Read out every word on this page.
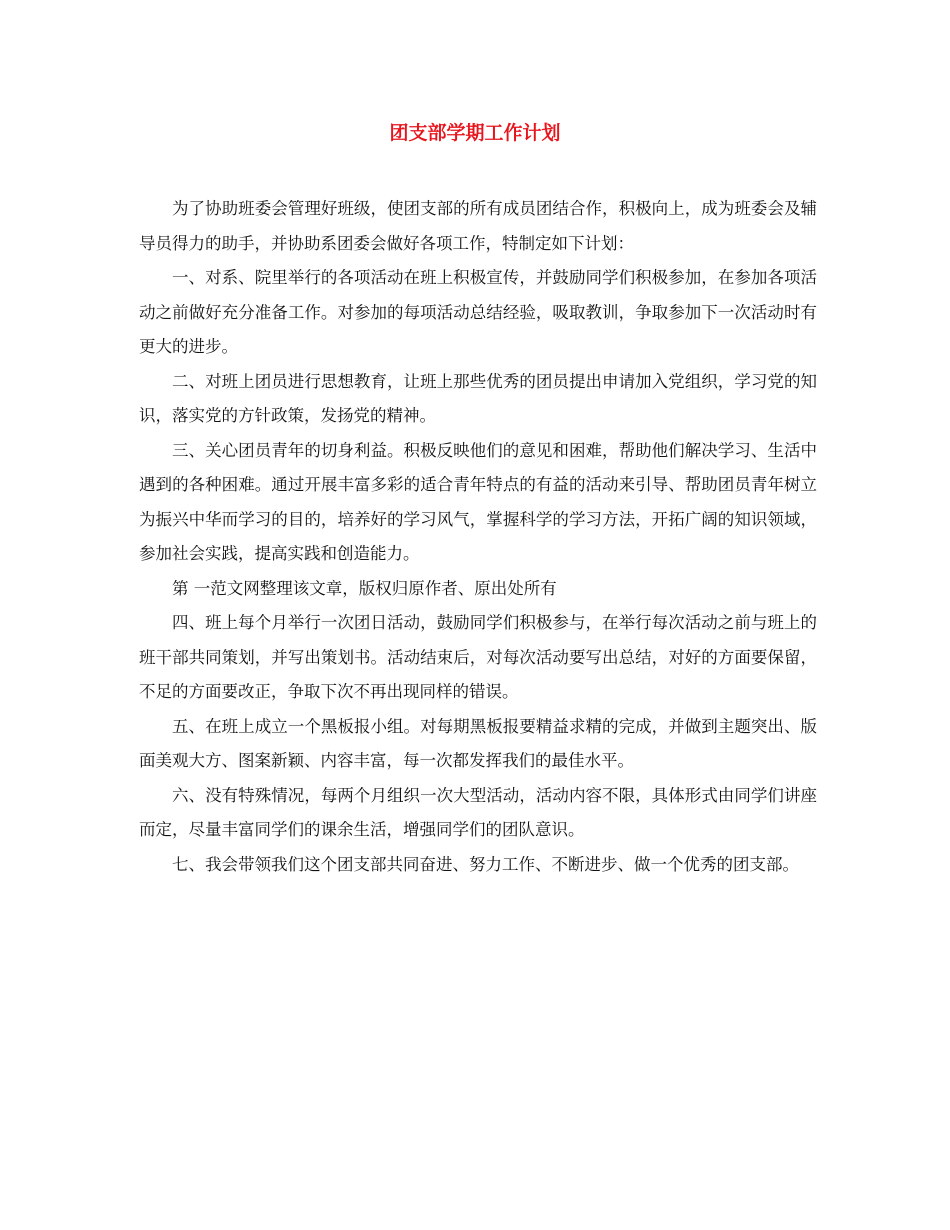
团支部学期工作计划

为了协助班委会管理好班级，使团支部的所有成员团结合作，积极向上，成为班委会及辅导员得力的助手，并协助系团委会做好各项工作，特制定如下计划：

一、对系、院里举行的各项活动在班上积极宣传，并鼓励同学们积极参加，在参加各项活动之前做好充分准备工作。对参加的每项活动总结经验，吸取教训，争取参加下一次活动时有更大的进步。

二、对班上团员进行思想教育，让班上那些优秀的团员提出申请加入党组织，学习党的知识，落实党的方针政策，发扬党的精神。

三、关心团员青年的切身利益。积极反映他们的意见和困难，帮助他们解决学习、生活中遇到的各种困难。通过开展丰富多彩的适合青年特点的有益的活动来引导、帮助团员青年树立为振兴中华而学习的目的，培养好的学习风气，掌握科学的学习方法，开拓广阔的知识领域，参加社会实践，提高实践和创造能力。

第 一范文网整理该文章，版权归原作者、原出处所有

四、班上每个月举行一次团日活动，鼓励同学们积极参与，在举行每次活动之前与班上的班干部共同策划，并写出策划书。活动结束后，对每次活动要写出总结，对好的方面要保留，不足的方面要改正，争取下次不再出现同样的错误。

五、在班上成立一个黑板报小组。对每期黑板报要精益求精的完成，并做到主题突出、版面美观大方、图案新颖、内容丰富，每一次都发挥我们的最佳水平。

六、没有特殊情况，每两个月组织一次大型活动，活动内容不限，具体形式由同学们讲座而定，尽量丰富同学们的课余生活，增强同学们的团队意识。

七、我会带领我们这个团支部共同奋进、努力工作、不断进步、做一个优秀的团支部。
